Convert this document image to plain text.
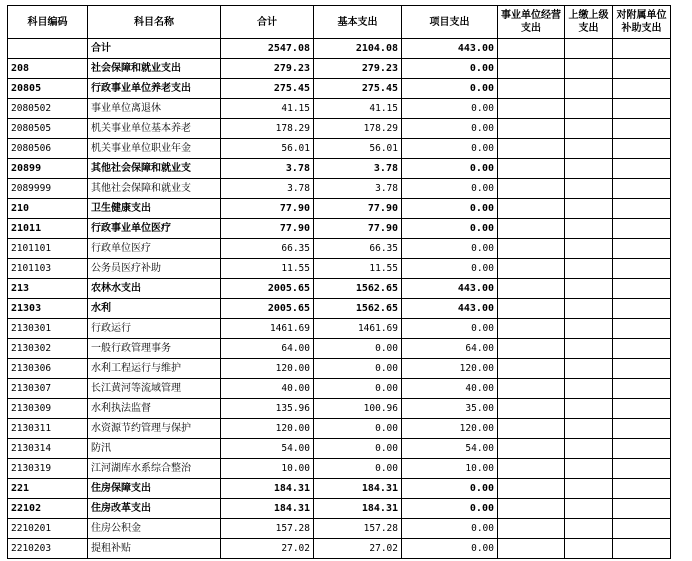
科目编码	科目名称	合计	基本支出	项目支出	事业单位经营支出	上缴上级支出	对附属单位补助支出
	合计	2547.08	2104.08	443.00			
208	社会保障和就业支出	279.23	279.23	0.00			
20805	行政事业单位养老支出	275.45	275.45	0.00			
2080502	事业单位离退休	41.15	41.15	0.00			
2080505	机关事业单位基本养老	178.29	178.29	0.00			
2080506	机关事业单位职业年金	56.01	56.01	0.00			
20899	其他社会保障和就业支	3.78	3.78	0.00			
2089999	其他社会保障和就业支	3.78	3.78	0.00			
210	卫生健康支出	77.90	77.90	0.00			
21011	行政事业单位医疗	77.90	77.90	0.00			
2101101	行政单位医疗	66.35	66.35	0.00			
2101103	公务员医疗补助	11.55	11.55	0.00			
213	农林水支出	2005.65	1562.65	443.00			
21303	水利	2005.65	1562.65	443.00			
2130301	行政运行	1461.69	1461.69	0.00			
2130302	一般行政管理事务	64.00	0.00	64.00			
2130306	水利工程运行与维护	120.00	0.00	120.00			
2130307	长江黄河等流域管理	40.00	0.00	40.00			
2130309	水利执法监督	135.96	100.96	35.00			
2130311	水资源节约管理与保护	120.00	0.00	120.00			
2130314	防汛	54.00	0.00	54.00			
2130319	江河湖库水系综合整治	10.00	0.00	10.00			
221	住房保障支出	184.31	184.31	0.00			
22102	住房改革支出	184.31	184.31	0.00			
2210201	住房公积金	157.28	157.28	0.00			
2210203	提租补贴	27.02	27.02	0.00			
